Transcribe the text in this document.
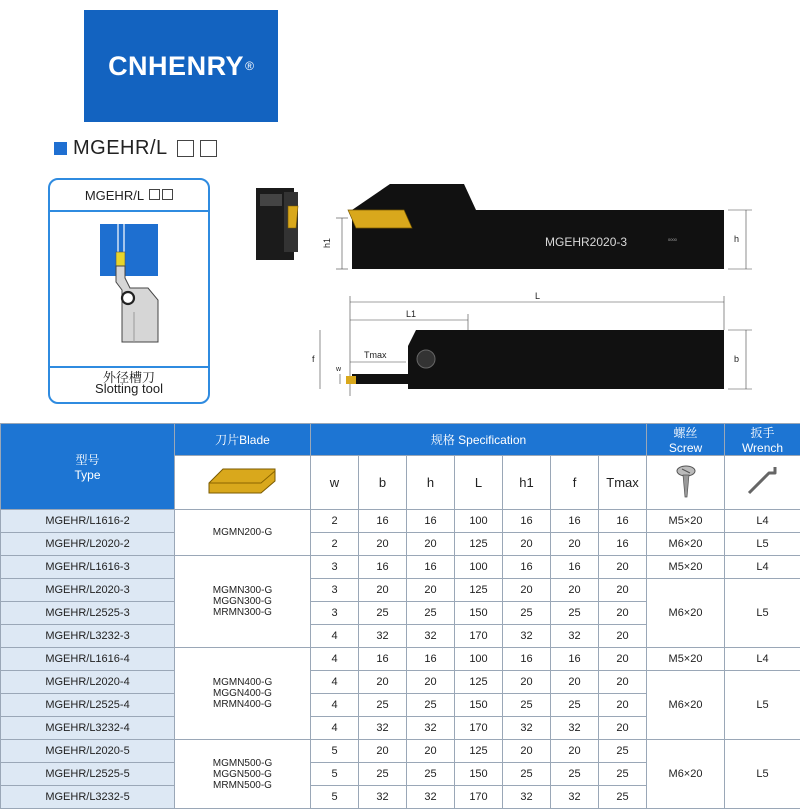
CNHENRY ®
MGEHR/L
MGEHR/L
外径槽刀
Slotting tool
MGEHR2020-3	0000
h1	h
L
L1
Tmax
f
w
b
型号
Type	刀片Blade	规格 Specification							螺丝
Screw	扳手
Wrench

	w	b	h	L	h1	f	Tmax		
MGEHR/L1616-2	MGMN200-G	2	16	16	100	16	16	16	M5×20	L4
MGEHR/L2020-2		2	20	20	125	20	20	16	M6×20	L5
MGEHR/L1616-3	MGMN300-G
MGGN300-G
MRMN300-G	3	16	16	100	16	16	20	M5×20	L4
MGEHR/L2020-3		3	20	20	125	20	20	20	M6×20	L5
MGEHR/L2525-3		3	25	25	150	25	25	20		
MGEHR/L3232-3		4	32	32	170	32	32	20		
MGEHR/L1616-4	MGMN400-G
MGGN400-G
MRMN400-G	4	16	16	100	16	16	20	M5×20	L4
MGEHR/L2020-4		4	20	20	125	20	20	20	M6×20	L5
MGEHR/L2525-4		4	25	25	150	25	25	20		
MGEHR/L3232-4		4	32	32	170	32	32	20		
MGEHR/L2020-5	MGMN500-G
MGGN500-G
MRMN500-G	5	20	20	125	20	20	25	M6×20	L5
MGEHR/L2525-5		5	25	25	150	25	25	25		
MGEHR/L3232-5		5	32	32	170	32	32	25		
